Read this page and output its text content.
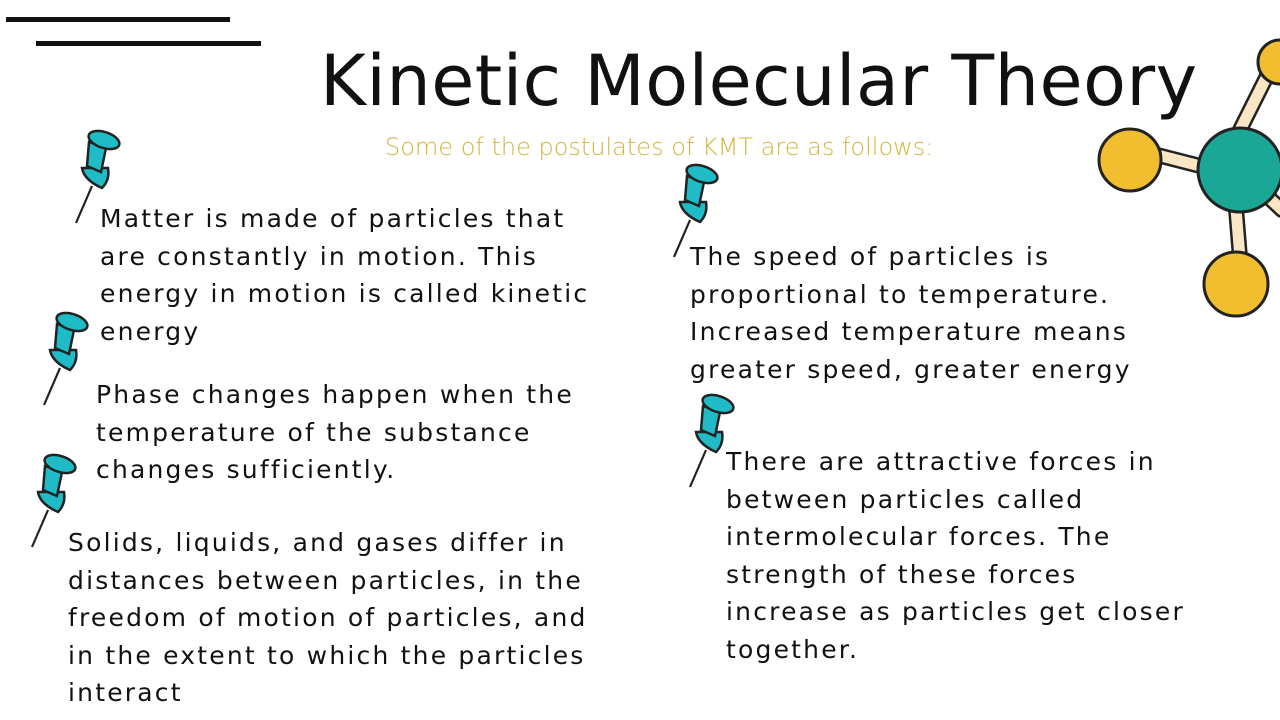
Kinetic Molecular Theory
Some of the postulates of KMT are as follows:
Matter is made of particles that
are constantly in motion. This
energy in motion is called kinetic
energy
Phase changes happen when the
temperature of the substance
changes sufficiently.
Solids, liquids, and gases differ in
distances between particles, in the
freedom of motion of particles, and
in the extent to which the particles
interact
The speed of particles is
proportional to temperature.
Increased temperature means
greater speed, greater energy
There are attractive forces in
between particles called
intermolecular forces. The
strength of these forces
increase as particles get closer
together.
